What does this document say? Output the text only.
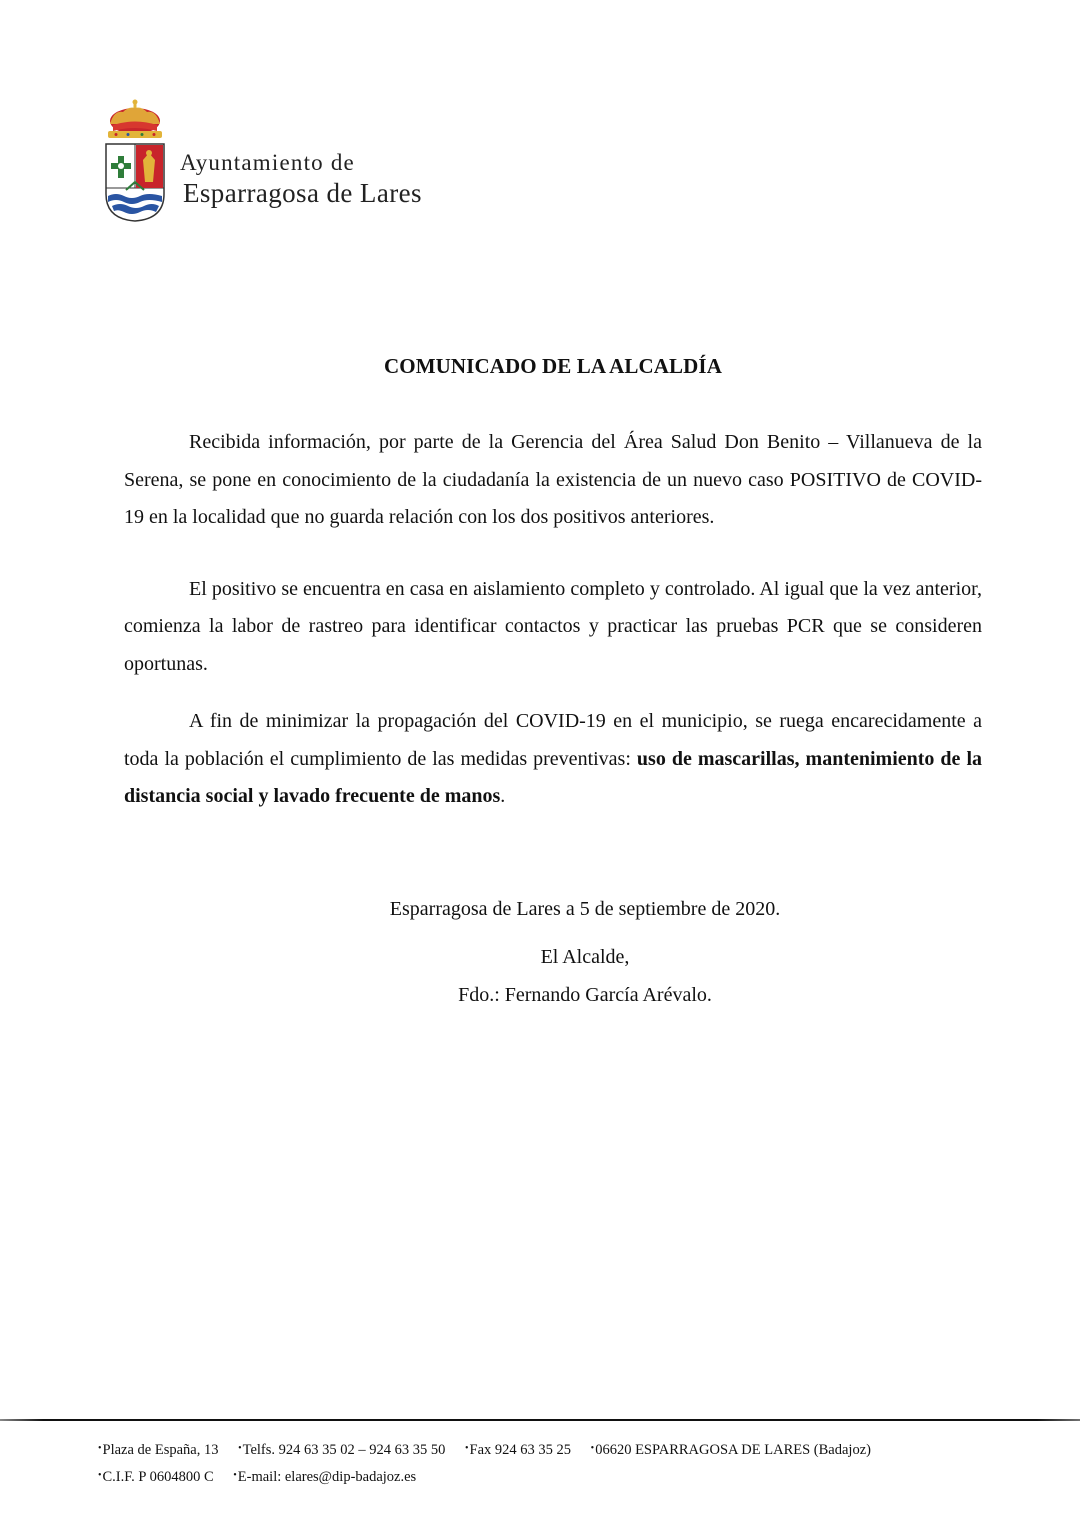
Ayuntamiento de
Esparragosa de Lares
COMUNICADO DE LA ALCALDÍA

Recibida información, por parte de la Gerencia del Área Salud Don Benito – Villanueva de la Serena, se pone en conocimiento de la ciudadanía la existencia de un nuevo caso POSITIVO de COVID-19 en la localidad que no guarda relación con los dos positivos anteriores.

El positivo se encuentra en casa en aislamiento completo y controlado. Al igual que la vez anterior, comienza la labor de rastreo para identificar contactos y practicar las pruebas PCR que se consideren oportunas.

A fin de minimizar la propagación del COVID-19 en el municipio, se ruega encarecidamente a toda la población el cumplimiento de las medidas preventivas: uso de mascarillas, mantenimiento de la distancia social y lavado frecuente de manos.

Esparragosa de Lares a 5 de septiembre de 2020.
El Alcalde,
Fdo.: Fernando García Arévalo.
•Plaza de España, 13 •Telfs. 924 63 35 02 – 924 63 35 50 •Fax 924 63 35 25 •06620 ESPARRAGOSA DE LARES (Badajoz)
•C.I.F. P 0604800 C •E-mail: elares@dip-badajoz.es
